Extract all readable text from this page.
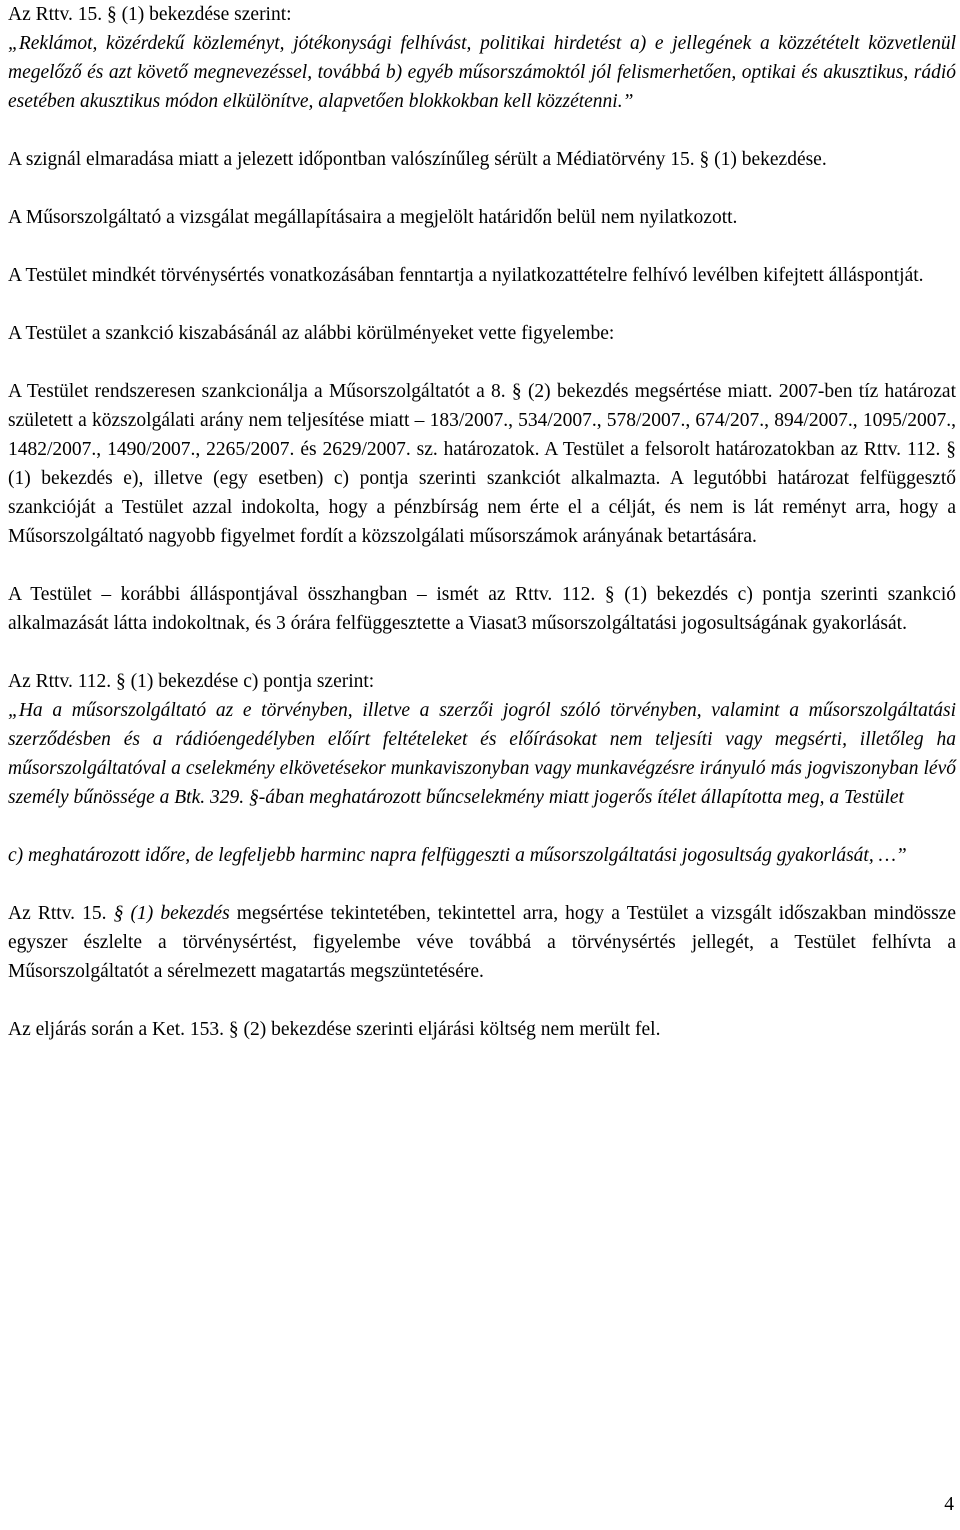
Az Rttv. 15. § (1) bekezdése szerint:

„Reklámot, közérdekű közleményt, jótékonysági felhívást, politikai hirdetést a) e jellegének a közzétételt közvetlenül megelőző és azt követő megnevezéssel, továbbá b) egyéb műsorszámoktól jól felismerhetően, optikai és akusztikus, rádió esetében akusztikus módon elkülönítve, alapvetően blokkokban kell közzétenni.”

A szignál elmaradása miatt a jelezett időpontban valószínűleg sérült a Médiatörvény 15. § (1) bekezdése.

A Műsorszolgáltató a vizsgálat megállapításaira a megjelölt határidőn belül nem nyilatkozott.

A Testület mindkét törvénysértés vonatkozásában fenntartja a nyilatkozattételre felhívó levélben kifejtett álláspontját.

A Testület a szankció kiszabásánál az alábbi körülményeket vette figyelembe:

A Testület rendszeresen szankcionálja a Műsorszolgáltatót a 8. § (2) bekezdés megsértése miatt. 2007-ben tíz határozat született a közszolgálati arány nem teljesítése miatt – 183/2007., 534/2007., 578/2007., 674/207., 894/2007., 1095/2007., 1482/2007., 1490/2007., 2265/2007. és 2629/2007. sz. határozatok. A Testület a felsorolt határozatokban az Rttv. 112. § (1) bekezdés e), illetve (egy esetben) c) pontja szerinti szankciót alkalmazta. A legutóbbi határozat felfüggesztő szankcióját a Testület azzal indokolta, hogy a pénzbírság nem érte el a célját, és nem is lát reményt arra, hogy a Műsorszolgáltató nagyobb figyelmet fordít a közszolgálati műsorszámok arányának betartására.

A Testület – korábbi álláspontjával összhangban – ismét az Rttv. 112. § (1) bekezdés c) pontja szerinti szankció alkalmazását látta indokoltnak, és 3 órára felfüggesztette a Viasat3 műsorszolgáltatási jogosultságának gyakorlását.

Az Rttv. 112. § (1) bekezdése c) pontja szerint:

„Ha a műsorszolgáltató az e törvényben, illetve a szerzői jogról szóló törvényben, valamint a műsorszolgáltatási szerződésben és a rádióengedélyben előírt feltételeket és előírásokat nem teljesíti vagy megsérti, illetőleg ha műsorszolgáltatóval a cselekmény elkövetésekor munkaviszonyban vagy munkavégzésre irányuló más jogviszonyban lévő személy bűnössége a Btk. 329. §-ában meghatározott bűncselekmény miatt jogerős ítélet állapította meg, a Testület

c) meghatározott időre, de legfeljebb harminc napra felfüggeszti a műsorszolgáltatási jogosultság gyakorlását, …”

Az Rttv. 15. § (1) bekezdés megsértése tekintetében, tekintettel arra, hogy a Testület a vizsgált időszakban mindössze egyszer észlelte a törvénysértést, figyelembe véve továbbá a törvénysértés jellegét, a Testület felhívta a Műsorszolgáltatót a sérelmezett magatartás megszüntetésére.

Az eljárás során a Ket. 153. § (2) bekezdése szerinti eljárási költség nem merült fel.

4
